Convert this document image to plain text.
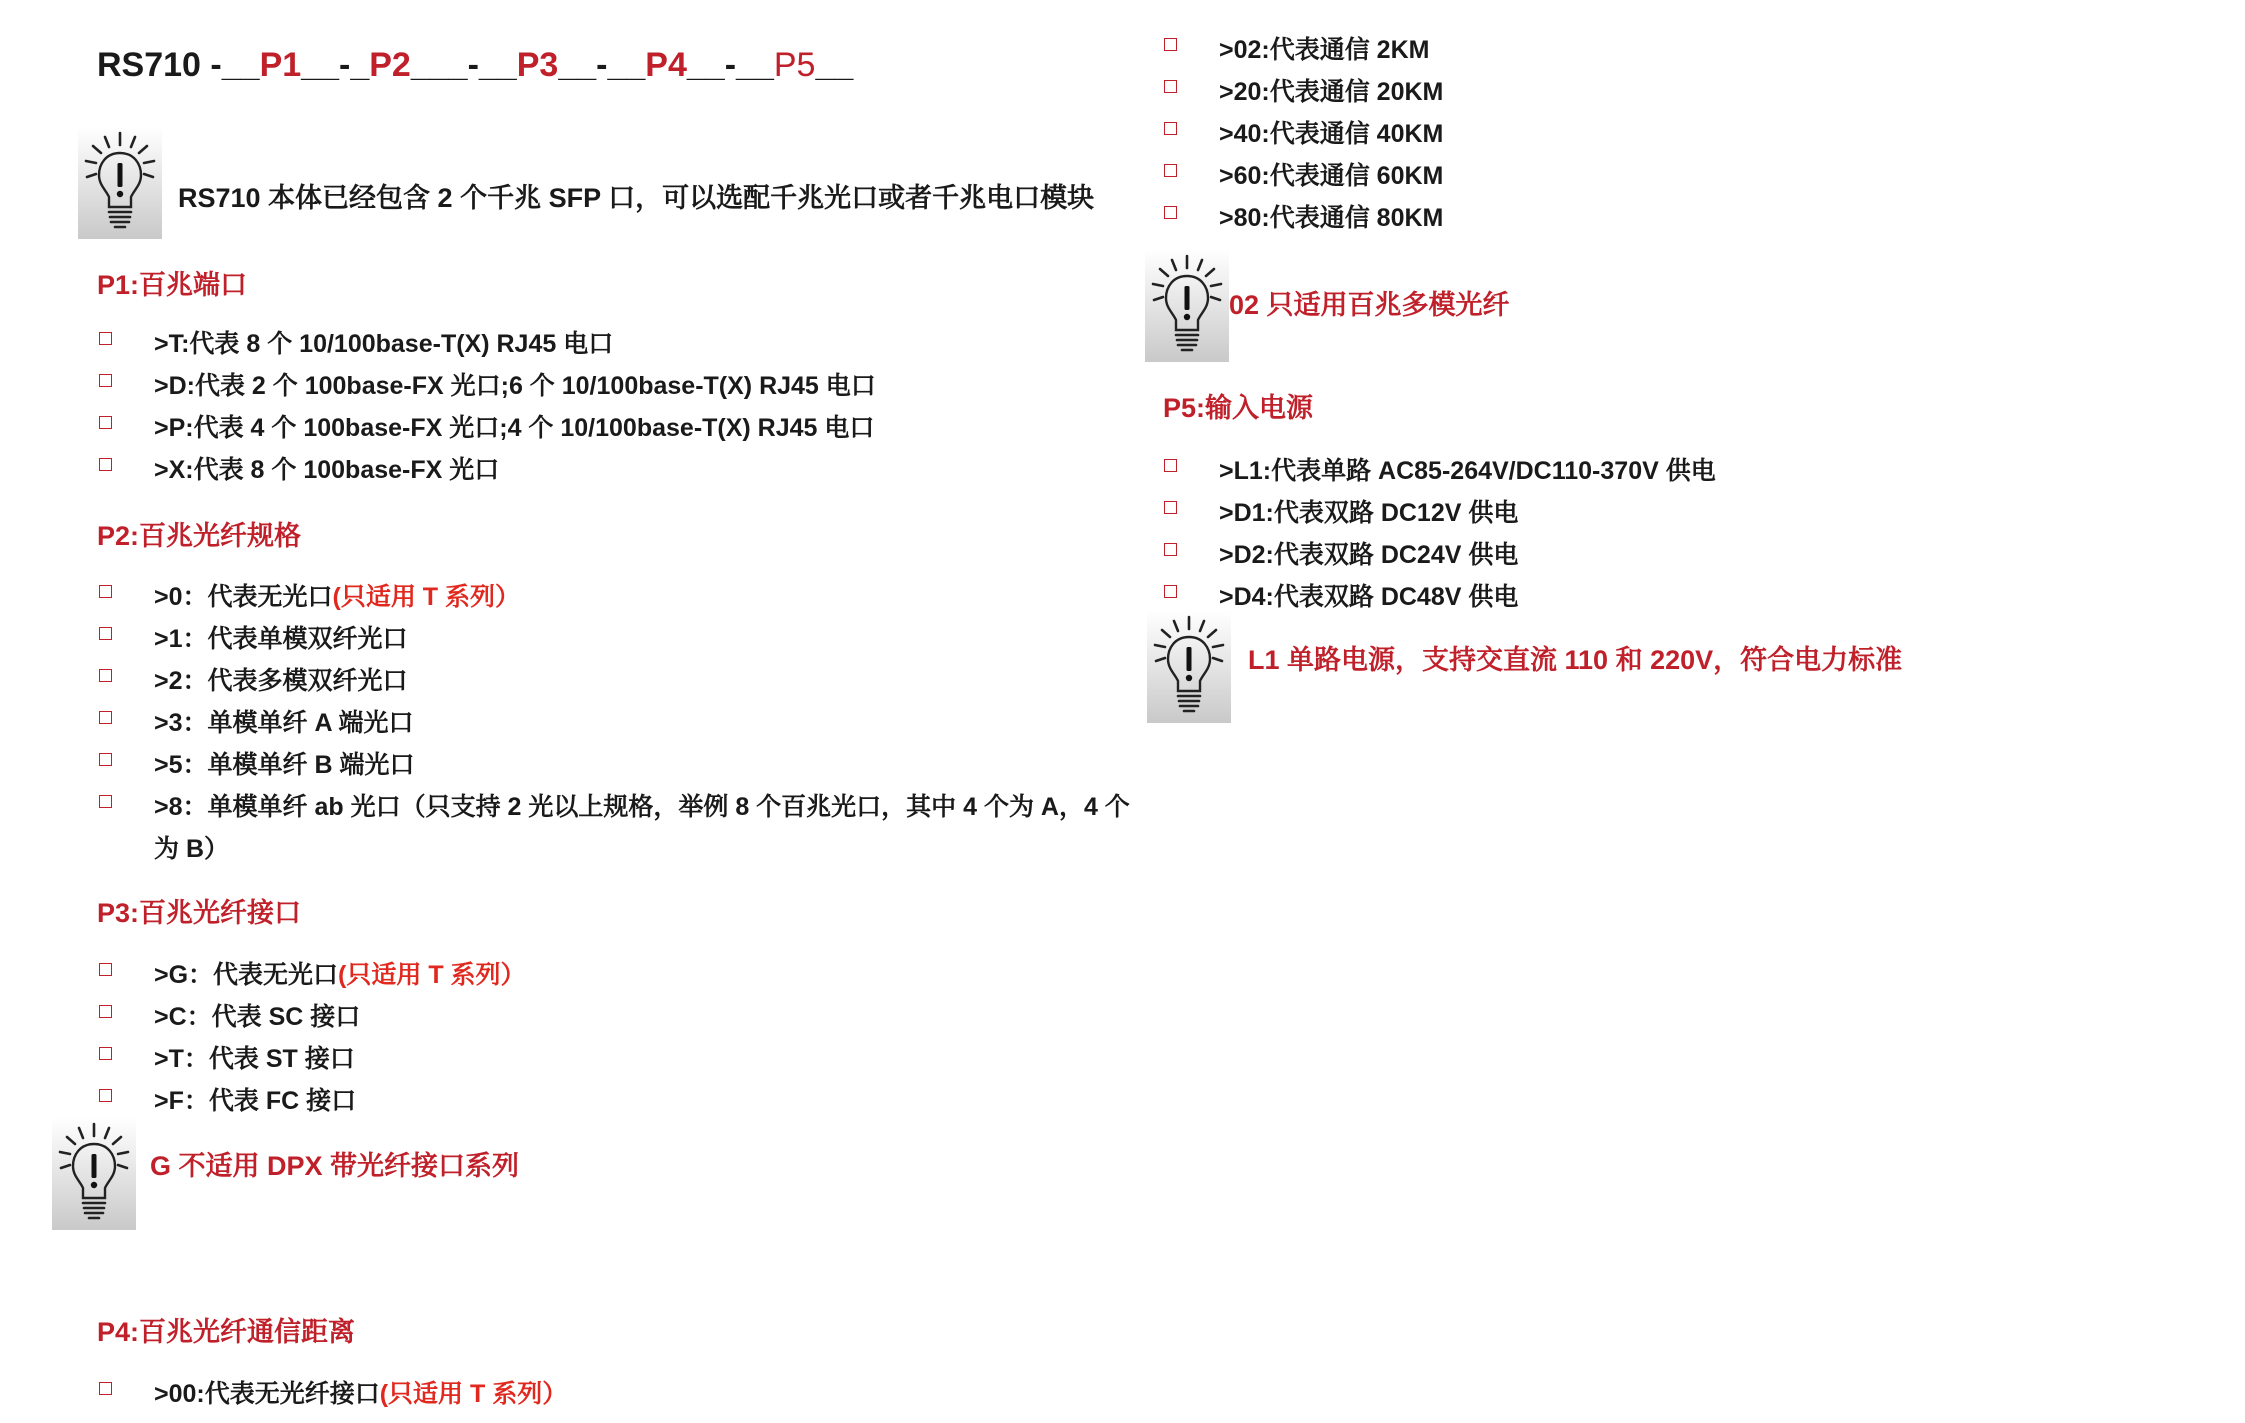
RS710 -__P1__-_P2___-__P3__-__P4__-__P5__
RS710 本体已经包含 2 个千兆 SFP 口，可以选配千兆光口或者千兆电口模块
P1:百兆端口
>T:代表 8 个 10/100base-T(X) RJ45 电口
>D:代表 2 个 100base-FX 光口;6 个 10/100base-T(X) RJ45 电口
>P:代表 4 个 100base-FX 光口;4 个 10/100base-T(X) RJ45 电口
>X:代表 8 个 100base-FX 光口
P2:百兆光纤规格
>0：代表无光口(只适用 T 系列）
>1：代表单模双纤光口
>2：代表多模双纤光口
>3：单模单纤 A 端光口
>5：单模单纤 B 端光口
>8：单模单纤 ab 光口（只支持 2 光以上规格，举例 8 个百兆光口，其中 4 个为 A，4 个
为 B）
P3:百兆光纤接口
>G：代表无光口(只适用 T 系列）
>C：代表 SC 接口
>T：代表 ST 接口
>F：代表 FC 接口
G 不适用 DPX 带光纤接口系列
P4:百兆光纤通信距离
>00:代表无光纤接口(只适用 T 系列）
>02:代表通信 2KM
>20:代表通信 20KM
>40:代表通信 40KM
>60:代表通信 60KM
>80:代表通信 80KM
02 只适用百兆多模光纤
P5:输入电源
>L1:代表单路 AC85-264V/DC110-370V 供电
>D1:代表双路 DC12V 供电
>D2:代表双路 DC24V 供电
>D4:代表双路 DC48V 供电
L1 单路电源，支持交直流 110 和 220V，符合电力标准
